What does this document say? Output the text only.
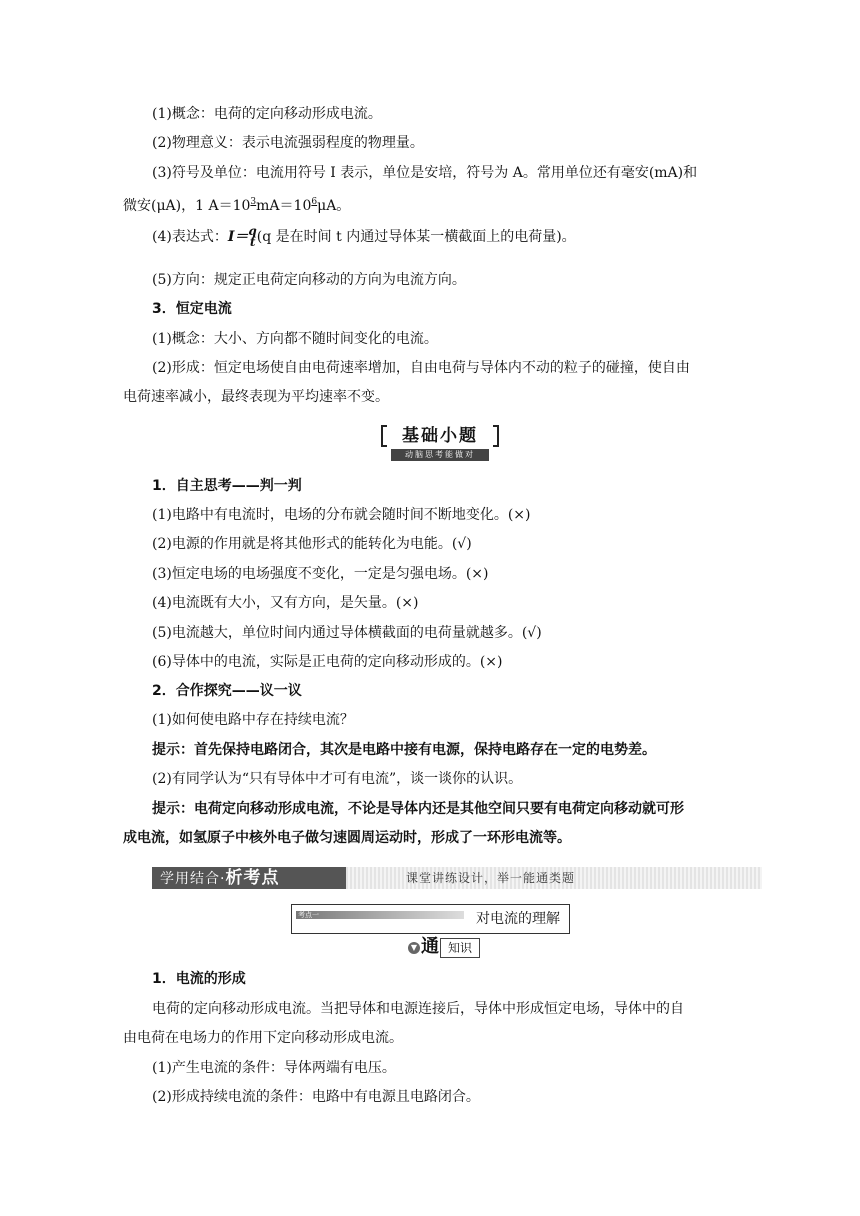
(1)概念：电荷的定向移动形成电流。
(2)物理意义：表示电流强弱程度的物理量。
(3)符号及单位：电流用符号 I 表示，单位是安培，符号为 A。常用单位还有毫安(mA)和
微安(μA)，1 $A=10^3mA=10^6\mu A$。
(4)表达式：I＝ q
t (q 是在时间 t 内通过导体某一横截面上的电荷量)。
(5)方向：规定正电荷定向移动的方向为电流方向。
3．恒定电流
(1)概念：大小、方向都不随时间变化的电流。
(2)形成：恒定电场使自由电荷速率增加，自由电荷与导体内不动的粒子的碰撞，使自由
电荷速率减小，最终表现为平均速率不变。
基础小题
动脑思考能做对
1．自主思考——判一判
(1)电路中有电流时，电场的分布就会随时间不断地变化。(×)
(2)电源的作用就是将其他形式的能转化为电能。(√)
(3)恒定电场的电场强度不变化，一定是匀强电场。(×)
(4)电流既有大小，又有方向，是矢量。(×)
(5)电流越大，单位时间内通过导体横截面的电荷量就越多。(√)
(6)导体中的电流，实际是正电荷的定向移动形成的。(×)
2．合作探究——议一议
(1)如何使电路中存在持续电流？
提示：首先保持电路闭合，其次是电路中接有电源，保持电路存在一定的电势差。
(2)有同学认为“只有导体中才可有电流”，谈一谈你的认识。
提示：电荷定向移动形成电流，不论是导体内还是其他空间只要有电荷定向移动就可形
成电流，如氢原子中核外电子做匀速圆周运动时，形成了一环形电流等。
学用结合·析考点	课堂讲练设计，举一能通类题
考点一	对电流的理解
▼ 通 知识
1．电流的形成
电荷的定向移动形成电流。当把导体和电源连接后，导体中形成恒定电场，导体中的自
由电荷在电场力的作用下定向移动形成电流。
(1)产生电流的条件：导体两端有电压。
(2)形成持续电流的条件：电路中有电源且电路闭合。
